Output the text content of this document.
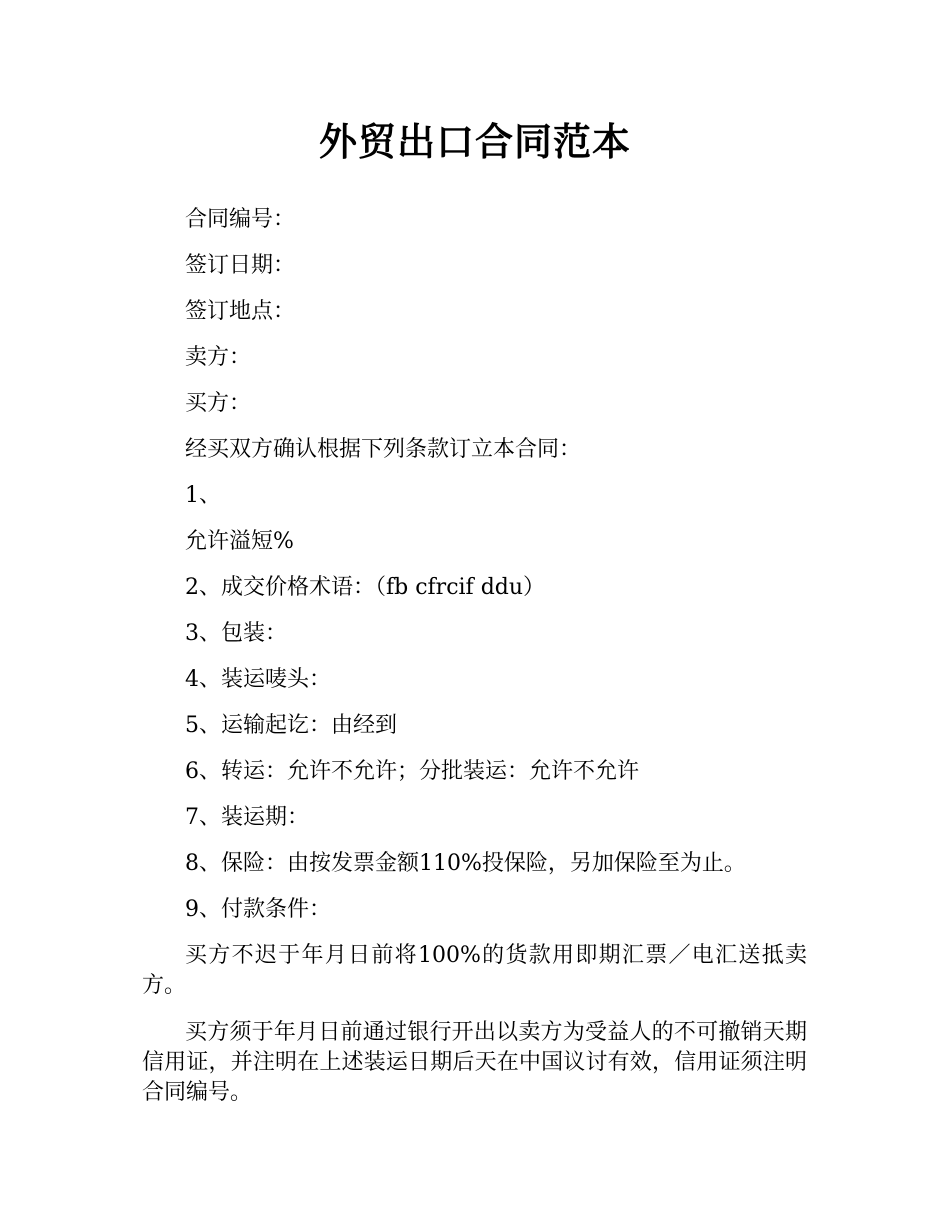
外贸出口合同范本
合同编号：
签订日期：
签订地点：
卖方：
买方：
经买双方确认根据下列条款订立本合同：
1、
允许溢短%
2、成交价格术语：（fb cfrcif ddu）
3、包装：
4、装运唛头：
5、运输起讫：由经到
6、转运：允许不允许；分批装运：允许不允许
7、装运期：
8、保险：由按发票金额110%投保险，另加保险至为止。
9、付款条件：
买方不迟于年月日前将100%的货款用即期汇票／电汇送抵卖方。
买方须于年月日前通过银行开出以卖方为受益人的不可撤销天期信用证，并注明在上述装运日期后天在中国议讨有效，信用证须注明合同编号。
